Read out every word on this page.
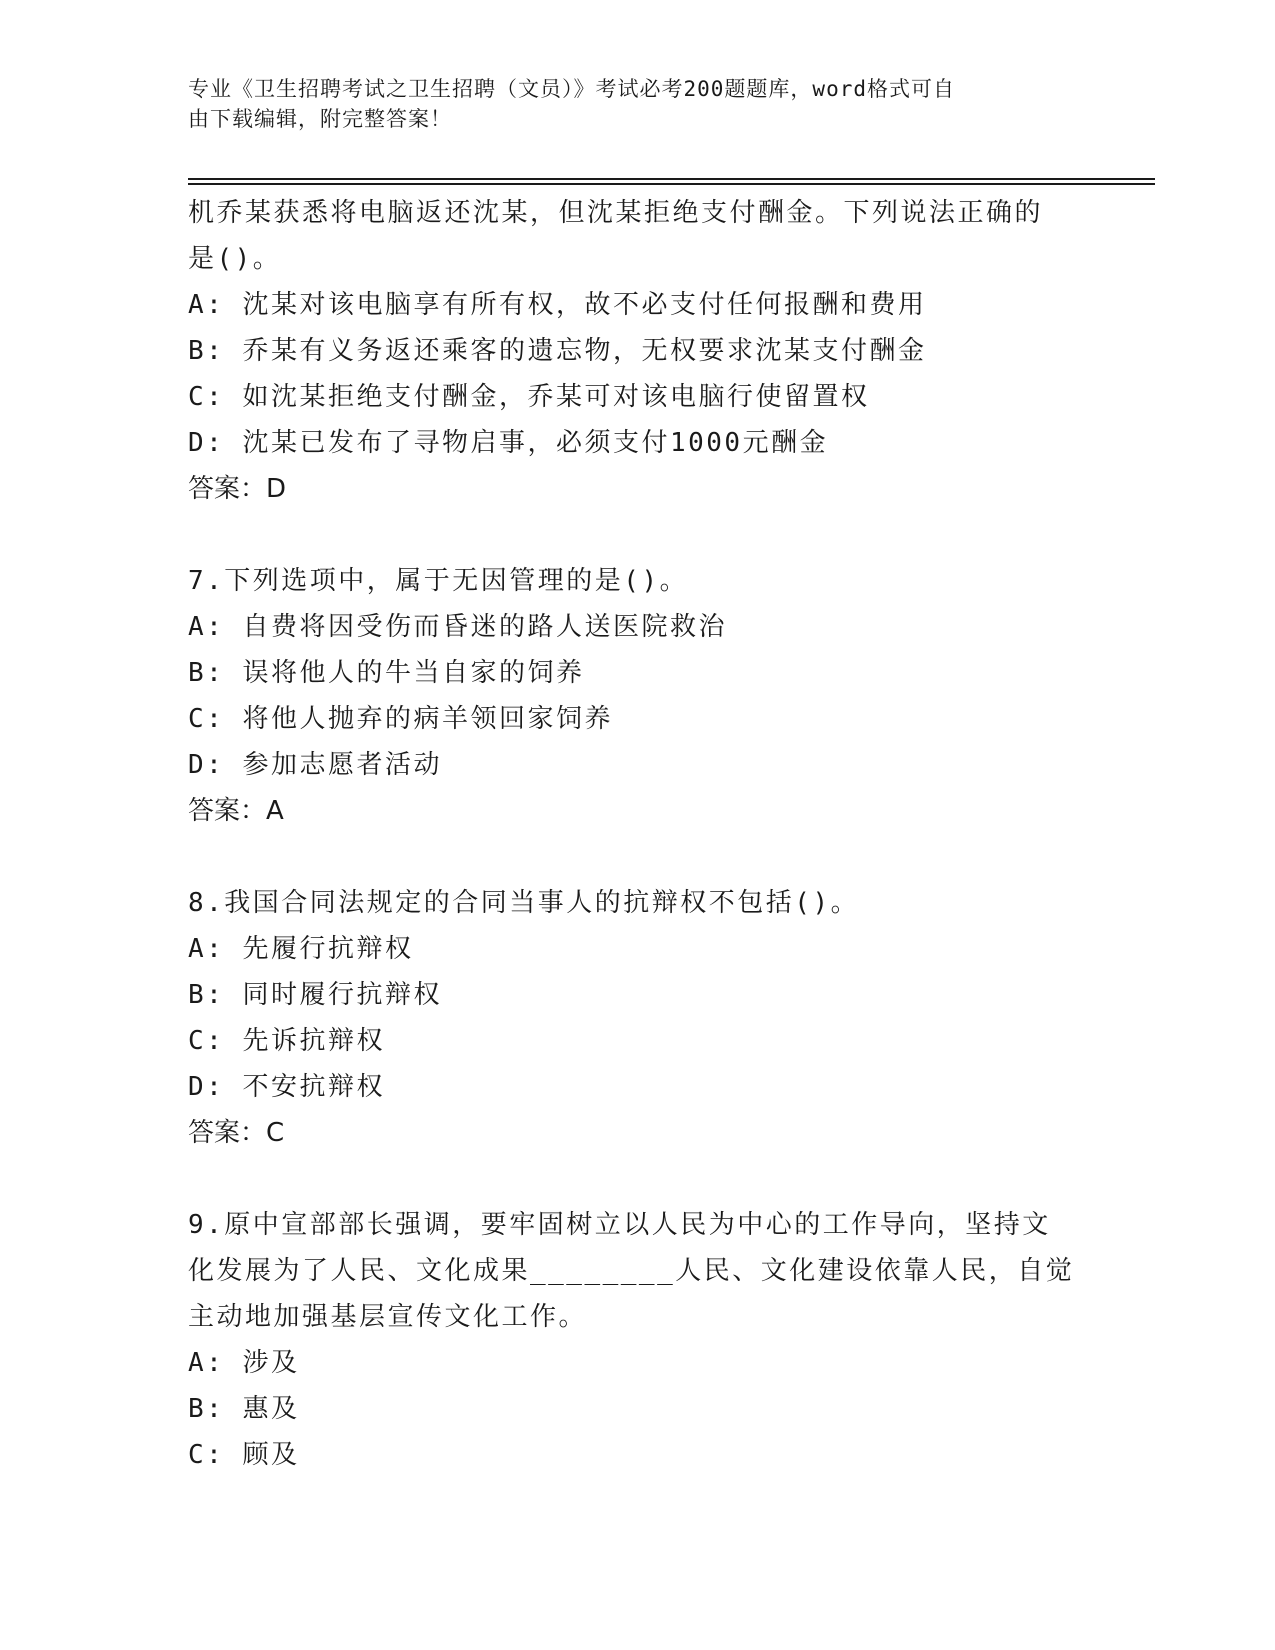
专业《卫生招聘考试之卫生招聘（文员）》考试必考200题题库，word格式可自
由下载编辑，附完整答案！

机乔某获悉将电脑返还沈某，但沈某拒绝支付酬金。下列说法正确的

是()。

A: 沈某对该电脑享有所有权，故不必支付任何报酬和费用

B: 乔某有义务返还乘客的遗忘物，无权要求沈某支付酬金

C: 如沈某拒绝支付酬金，乔某可对该电脑行使留置权

D: 沈某已发布了寻物启事，必须支付1000元酬金

答案：D

7.下列选项中，属于无因管理的是()。

A: 自费将因受伤而昏迷的路人送医院救治

B: 误将他人的牛当自家的饲养

C: 将他人抛弃的病羊领回家饲养

D: 参加志愿者活动

答案：A

8.我国合同法规定的合同当事人的抗辩权不包括()。

A: 先履行抗辩权

B: 同时履行抗辩权

C: 先诉抗辩权

D: 不安抗辩权

答案：C

9.原中宣部部长强调，要牢固树立以人民为中心的工作导向，坚持文

化发展为了人民、文化成果________人民、文化建设依靠人民，自觉

主动地加强基层宣传文化工作。

A: 涉及

B: 惠及

C: 顾及
